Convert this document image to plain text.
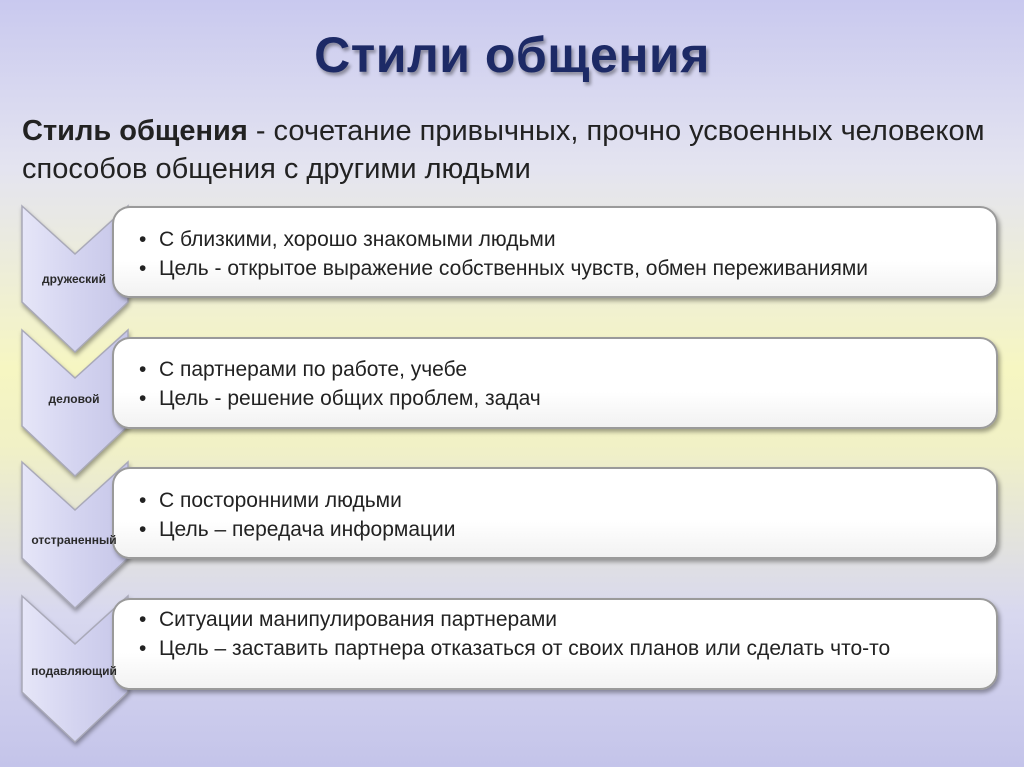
Стили общения
Стиль общения - сочетание привычных, прочно усвоенных человеком способов общения с другими людьми
• С близкими, хорошо знакомыми людьми
• Цель - открытое выражение собственных чувств, обмен переживаниями
дружеский
• С партнерами по работе, учебе
• Цель - решение общих проблем, задач
деловой
• С посторонними людьми
• Цель – передача информации
отстраненный
• Ситуации манипулирования партнерами
• Цель – заставить партнера отказаться от своих планов или сделать что-то
подавляющий
